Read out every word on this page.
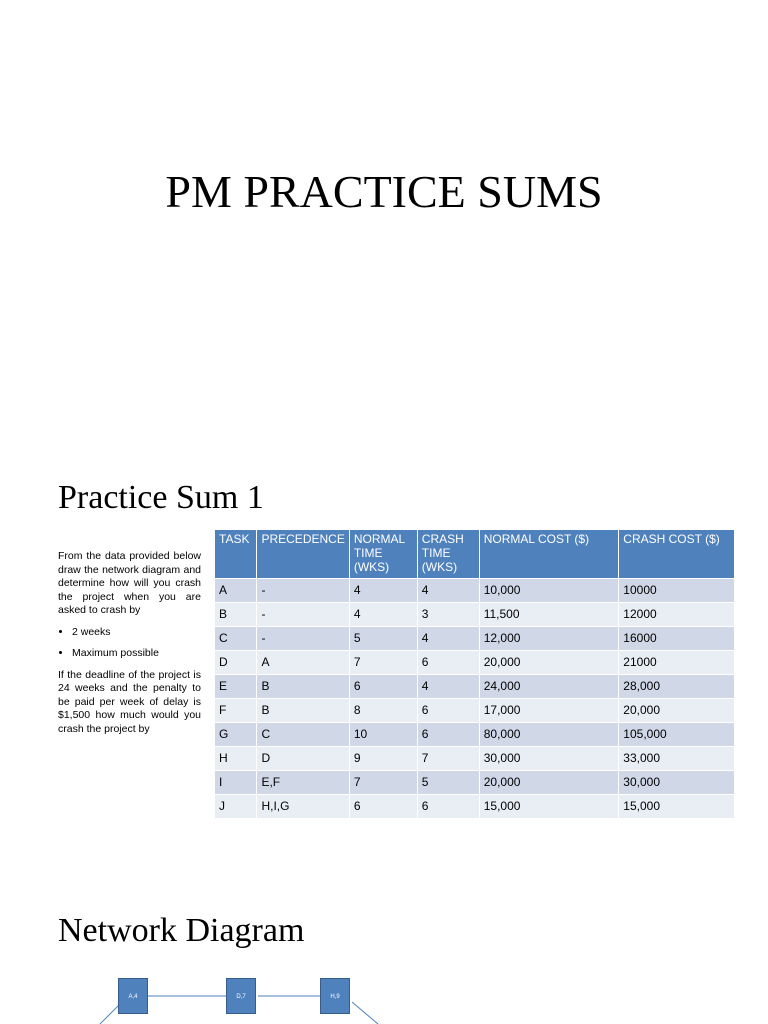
PM PRACTICE SUMS
Practice Sum 1

From the data provided below draw the network diagram and determine how will you crash the project when you are asked to crash by

• 2 weeks
• Maximum possible

If the deadline of the project is 24 weeks and the penalty to be paid per week of delay is $1,500 how much would you crash the project by

TASK	PRECEDENCE	NORMAL TIME (WKS)	CRASH TIME (WKS)	NORMAL COST ($)	CRASH COST ($)
A	-	4	4	10,000	10000
B	-	4	3	11,500	12000
C	-	5	4	12,000	16000
D	A	7	6	20,000	21000
E	B	6	4	24,000	28,000
F	B	8	6	17,000	20,000
G	C	10	6	80,000	105,000
H	D	9	7	30,000	33,000
I	E,F	7	5	20,000	30,000
J	H,I,G	6	6	15,000	15,000
Network Diagram
A,4	D,7	H,9
